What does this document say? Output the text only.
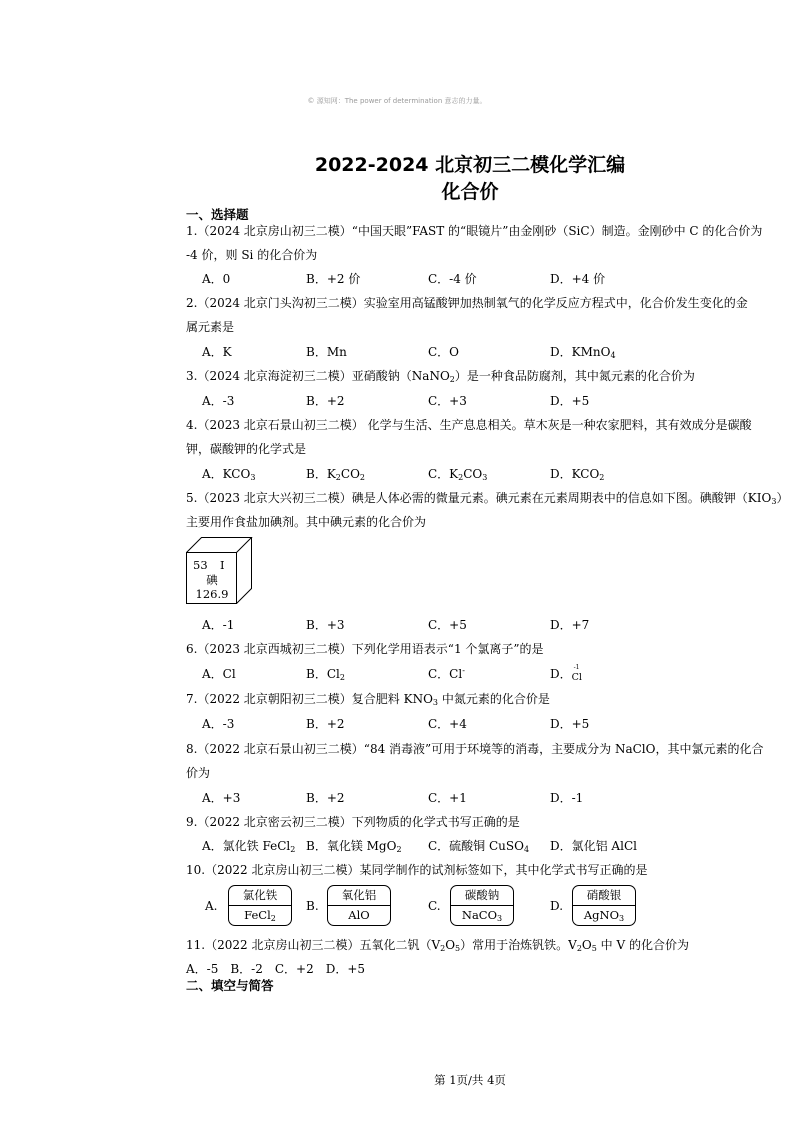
© 源知网：The power of determination 意志的力量。
2022-2024 北京初三二模化学汇编
化合价
一、选择题
1.（2024 北京房山初三二模）“中国天眼”FAST 的“眼镜片”由金刚砂（SiC）制造。金刚砂中 C 的化合价为
-4 价，则 Si 的化合价为
A．0	B．+2 价	C．-4 价	D．+4 价
2.（2024 北京门头沟初三二模）实验室用高锰酸钾加热制氧气的化学反应方程式中，化合价发生变化的金
属元素是
A．K	B．Mn	C．O	D．KMnO$_4$
3.（2024 北京海淀初三二模）亚硝酸钠（NaNO$_2$）是一种食品防腐剂，其中氮元素的化合价为
A．-3	B．+2	C．+3	D．+5
4.（2023 北京石景山初三二模） 化学与生活、生产息息相关。草木灰是一种农家肥料，其有效成分是碳酸
钾，碳酸钾的化学式是
A．$KCO_3$	B．$K_2CO_2$	C．$K_2CO_3$	D．$KCO_2$
5.（2023 北京大兴初三二模）碘是人体必需的微量元素。碘元素在元素周期表中的信息如下图。碘酸钾$(KIO_3)$
主要用作食盐加碘剂。其中碘元素的化合价为
53 I
碘
126.9
A．-1	B．+3	C．+5	D．+7
6.（2023 北京西城初三二模）下列化学用语表示“1 个氯离子”的是
A．Cl	B．$Cl_2$	C．Cl-	D． -1
Cl
7.（2022 北京朝阳初三二模）复合肥料 $KNO_3$ 中氮元素的化合价是
A．-3	B．+2	C．+4	D．+5
8.（2022 北京石景山初三二模）“84 消毒液”可用于环境等的消毒，主要成分为 NaClO，其中氯元素的化合
价为
A．+3	B．+2	C．+1	D．-1
9.（2022 北京密云初三二模）下列物质的化学式书写正确的是
A．氯化铁 FeCl$_2$ B．氧化镁 MgO$_2$ C．硫酸铜 CuSO$_4$ D．氯化铝 AlCl
10.（2022 北京房山初三二模）某同学制作的试剂标签如下，其中化学式书写正确的是
A.
氯化铁
FeCl$_2$
B.
氧化铝
AlO
C.
碳酸钠
NaCO$_3$
D.
硝酸银
AgNO$_3$
11.（2022 北京房山初三二模）五氧化二钒$(V_2O_5)$常用于治炼钒铁。$V_2O_5$ 中 V 的化合价为
A．-5　B．-2　C．+2　D．+5
二、填空与简答
第 1页/共 4页
